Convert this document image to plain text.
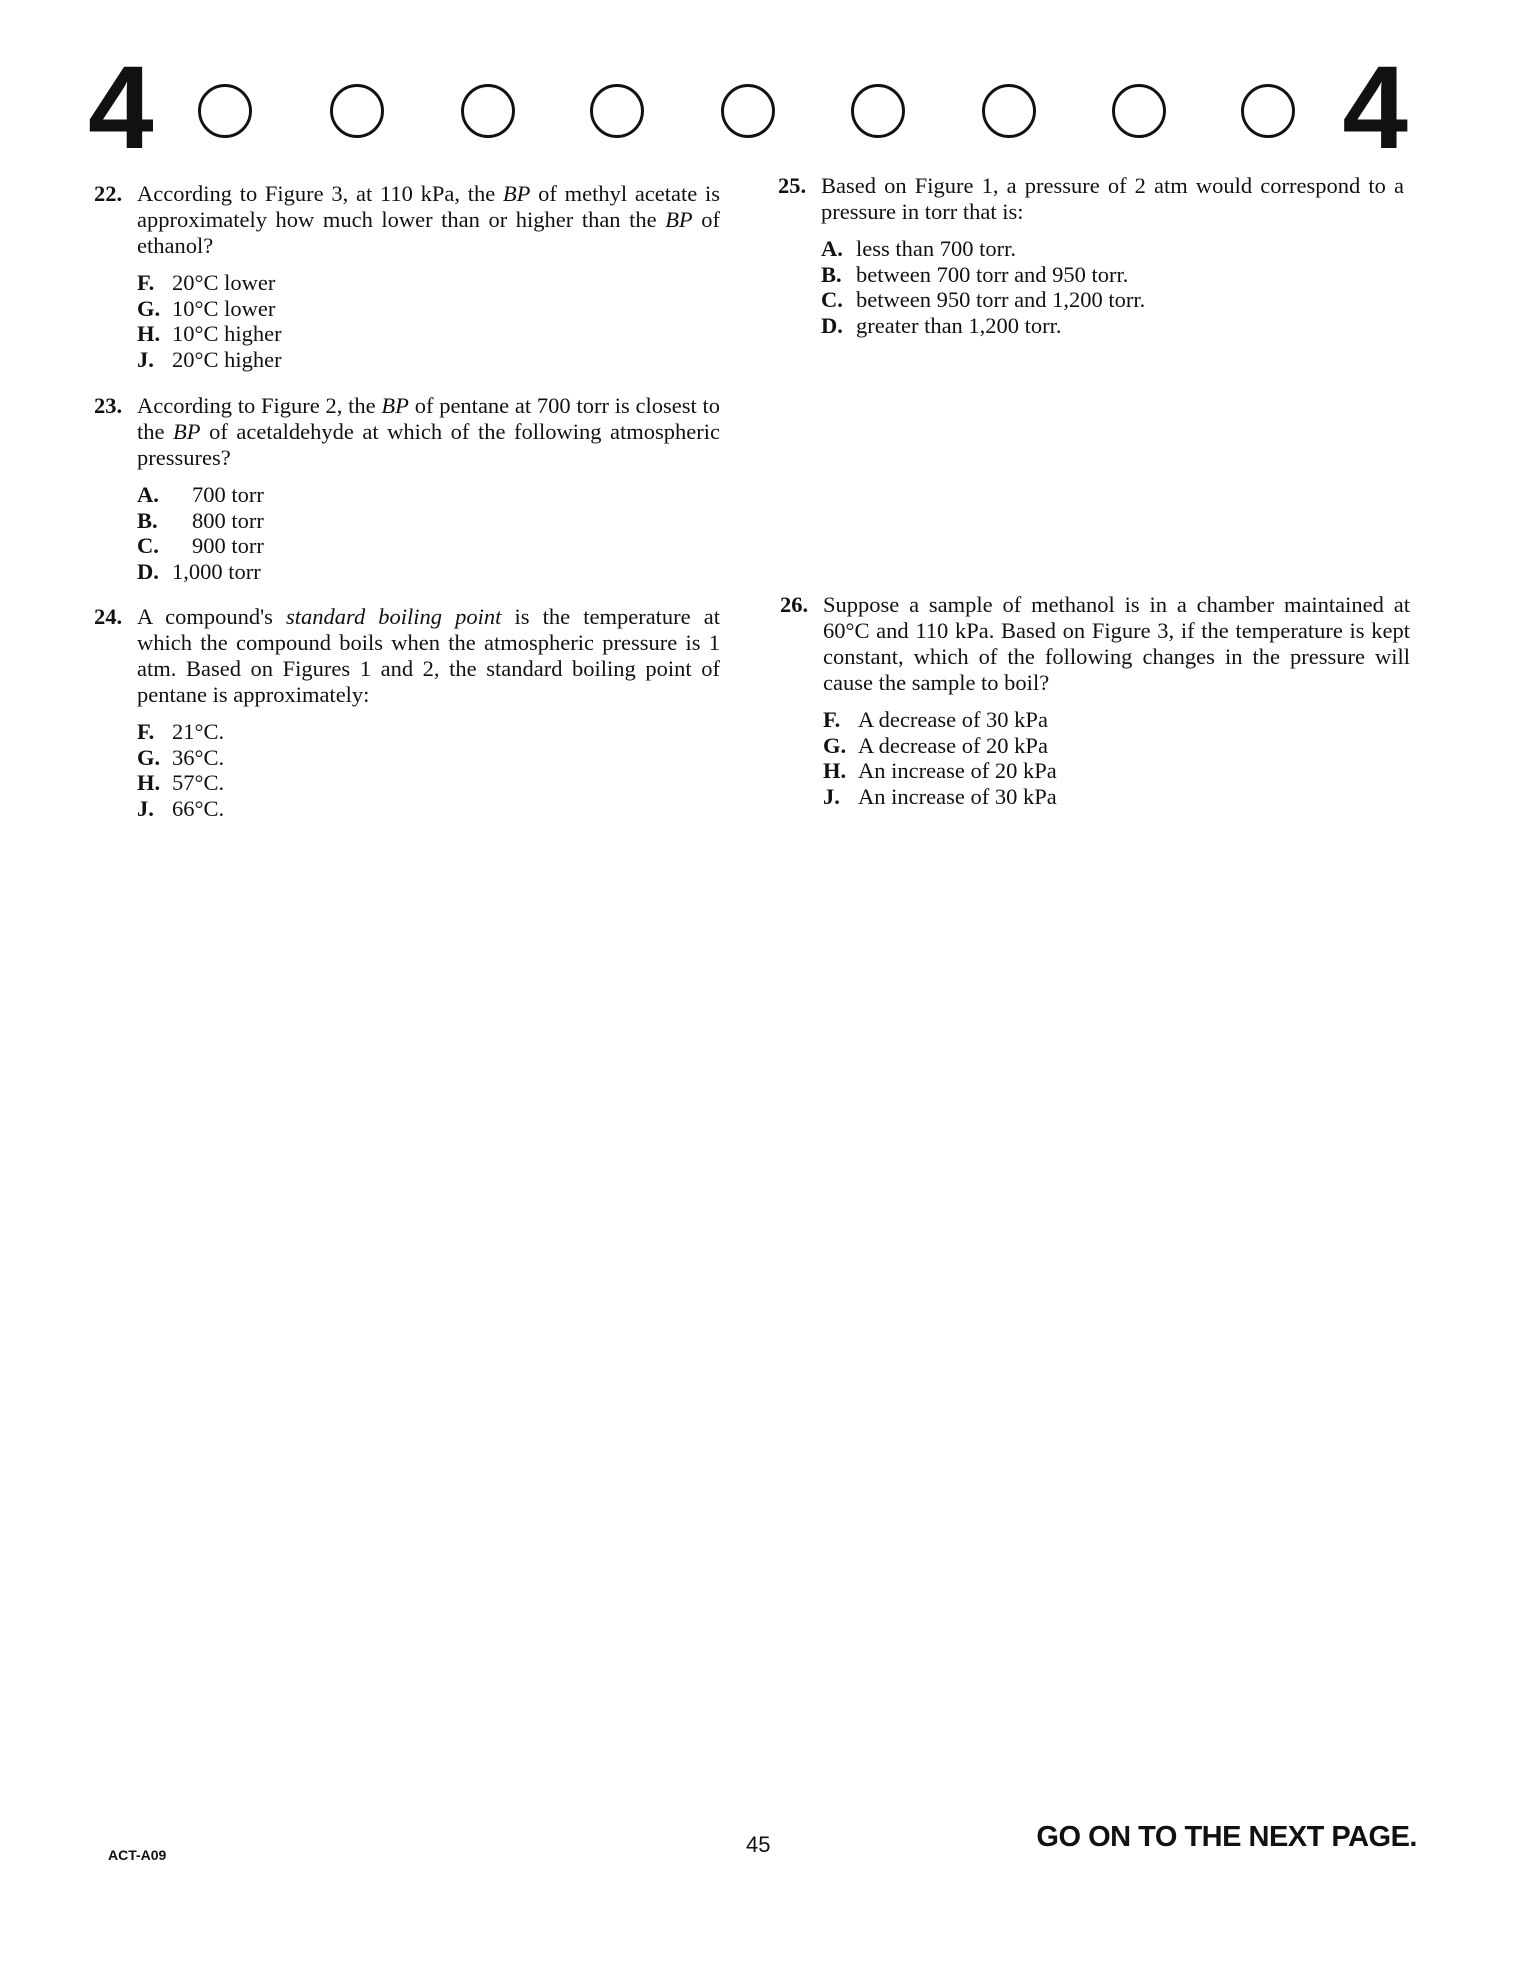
4	4
22. According to Figure 3, at 110 kPa, the BP of methyl acetate is approximately how much lower than or higher than the BP of ethanol?
F. 20°C lower
G. 10°C lower
H. 10°C higher
J. 20°C higher
23. According to Figure 2, the BP of pentane at 700 torr is closest to the BP of acetaldehyde at which of the following atmospheric pressures?
A.	700 torr
B.	800 torr
C.	900 torr
D. 1,000 torr
24. A compound's standard boiling point is the temperature at which the compound boils when the atmospheric pressure is 1 atm. Based on Figures 1 and 2, the standard boiling point of pentane is approximately:
F. 21°C.
G. 36°C.
H. 57°C.
J. 66°C.
25. Based on Figure 1, a pressure of 2 atm would correspond to a pressure in torr that is:
A. less than 700 torr.
B. between 700 torr and 950 torr.
C. between 950 torr and 1,200 torr.
D. greater than 1,200 torr.
26. Suppose a sample of methanol is in a chamber maintained at 60°C and 110 kPa. Based on Figure 3, if the temperature is kept constant, which of the following changes in the pressure will cause the sample to boil?
F. A decrease of 30 kPa
G. A decrease of 20 kPa
H. An increase of 20 kPa
J. An increase of 30 kPa
ACT-A09	45	GO ON TO THE NEXT PAGE.
